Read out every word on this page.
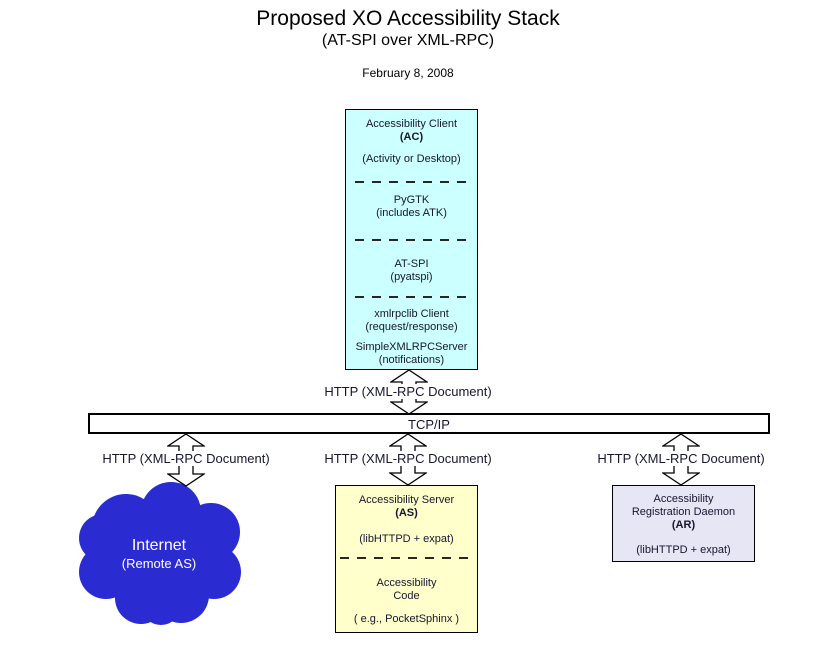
Proposed XO Accessibility Stack
(AT-SPI over XML-RPC)
February 8, 2008
Accessibility Client
(AC)
(Activity or Desktop)
PyGTK
(includes ATK)
AT-SPI
(pyatspi)
xmlrpclib Client
(request/response)
SimpleXMLRPCServer
(notifications)
TCP/IP
Internet
(Remote AS)
Accessibility Server
(AS)
(libHTTPD + expat)
Accessibility
Code
( e.g., PocketSphinx )
Accessibility
Registration Daemon
(AR)
(libHTTPD + expat)
HTTP (XML-RPC Document)
HTTP (XML-RPC Document)	HTTP (XML-RPC Document)	HTTP (XML-RPC Document)
